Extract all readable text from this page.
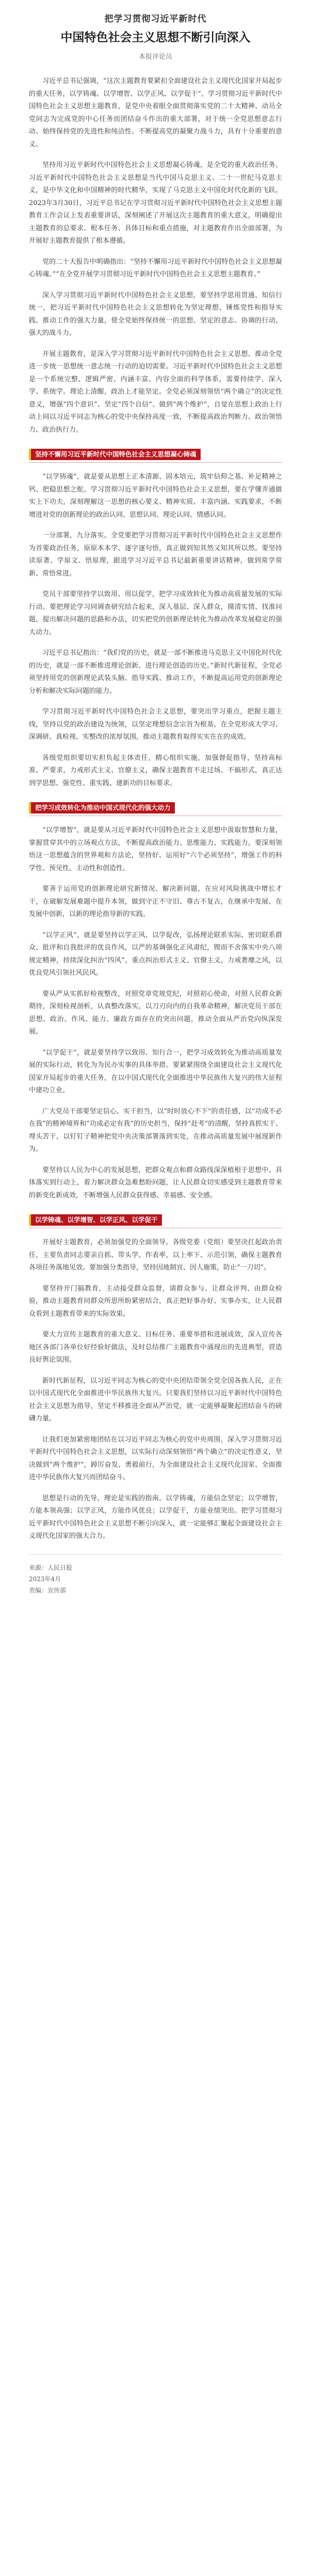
把学习贯彻习近平新时代

中国特色社会主义思想不断引向深入

本报评论员

习近平总书记强调，“这次主题教育要紧扣全面建设社会主义现代化国家开局起步的重大任务，以学铸魂、以学增智、以学正风、以学促干”。学习贯彻习近平新时代中国特色社会主义思想主题教育，是党中央着眼全面贯彻落实党的二十大精神、动员全党同志为完成党的中心任务而团结奋斗作出的重大部署，对于统一全党思想意志行动、始终保持党的先进性和纯洁性、不断提高党的凝聚力战斗力，具有十分重要的意义。

坚持用习近平新时代中国特色社会主义思想凝心铸魂，是全党的重大政治任务。习近平新时代中国特色社会主义思想是当代中国马克思主义、二十一世纪马克思主义，是中华文化和中国精神的时代精华，实现了马克思主义中国化时代化新的飞跃。2023年3月30日，习近平总书记在学习贯彻习近平新时代中国特色社会主义思想主题教育工作会议上发表重要讲话，深刻阐述了开展这次主题教育的重大意义，明确提出主题教育的总要求、根本任务、具体目标和重点措施，对主题教育作出全面部署，为开展好主题教育提供了根本遵循。

党的二十大报告中明确指出：“坚持不懈用习近平新时代中国特色社会主义思想凝心铸魂。”“在全党开展学习贯彻习近平新时代中国特色社会主义思想主题教育。”

深入学习贯彻习近平新时代中国特色社会主义思想，要坚持学思用贯通、知信行统一，把习近平新时代中国特色社会主义思想转化为坚定理想、锤炼党性和指导实践、推动工作的强大力量，使全党始终保持统一的思想、坚定的意志、协调的行动、强大的战斗力。

开展主题教育，是深入学习贯彻习近平新时代中国特色社会主义思想、推动全党进一步统一思想统一意志统一行动的迫切需要。习近平新时代中国特色社会主义思想是一个系统完整、逻辑严密、内涵丰富、内容全面的科学体系，需要持续学、深入学、系统学。理论上清醒，政治上才能坚定。全党必须深刻领悟“两个确立”的决定性意义，增强“四个意识”、坚定“四个自信”、做到“两个维护”，自觉在思想上政治上行动上同以习近平同志为核心的党中央保持高度一致，不断提高政治判断力、政治领悟力、政治执行力。

坚持不懈用习近平新时代中国特色社会主义思想凝心铸魂

“以学铸魂”，就是要从思想上正本清源、固本培元，筑牢信仰之基、补足精神之钙、把稳思想之舵。学习贯彻习近平新时代中国特色社会主义思想，要在学懂弄通做实上下功夫，深刻理解这一思想的核心要义、精神实质、丰富内涵、实践要求，不断增进对党的创新理论的政治认同、思想认同、理论认同、情感认同。

一分部署，九分落实。全党要把学习贯彻习近平新时代中国特色社会主义思想作为首要政治任务，原原本本学、逐字逐句悟，真正做到知其然又知其所以然。要坚持读原著、学原文、悟原理，跟进学习习近平总书记最新重要讲话精神，做到常学常新、常悟常进。

党员干部要坚持学以致用、用以促学，把学习成效转化为推动高质量发展的实际行动。要把理论学习同调查研究结合起来，深入基层、深入群众，摸清实情、找准问题，提出解决问题的思路和办法，切实把党的创新理论转化为推动改革发展稳定的强大动力。

习近平总书记指出：“我们党的历史，就是一部不断推进马克思主义中国化时代化的历史，就是一部不断推进理论创新、进行理论创造的历史。”新时代新征程，全党必须坚持用党的创新理论武装头脑、指导实践、推动工作，不断提高运用党的创新理论分析和解决实际问题的能力。

学习贯彻习近平新时代中国特色社会主义思想，要突出学习重点，把握主题主线，坚持以党的政治建设为统领，以坚定理想信念宗旨为根基，在全党形成大学习、深调研、真检视、实整改的浓厚氛围，推动主题教育取得实实在在的成效。

各级党组织要切实担负起主体责任，精心组织实施，加强督促指导，坚持高标准、严要求，力戒形式主义、官僚主义，确保主题教育不走过场、不搞形式，真正达到学思想、强党性、重实践、建新功的目标要求。

把学习成效转化为推动中国式现代化的强大动力

“以学增智”，就是要从习近平新时代中国特色社会主义思想中汲取智慧和力量，掌握贯穿其中的立场观点方法，不断提高政治能力、思维能力、实践能力。要深刻领悟这一思想蕴含的世界观和方法论，坚持好、运用好“六个必须坚持”，增强工作的科学性、预见性、主动性和创造性。

要善于运用党的创新理论研究新情况、解决新问题，在应对风险挑战中增长才干，在破解发展难题中提升本领，做到守正不守旧、尊古不复古，在继承中发展、在发展中创新，以新的理论指导新的实践。

“以学正风”，就是要坚持以学正风、以学促改，弘扬理论联系实际、密切联系群众、批评和自我批评的优良作风，以严的基调强化正风肃纪，锲而不舍落实中央八项规定精神，持续深化纠治“四风”，重点纠治形式主义、官僚主义，力戒奢靡之风，以优良党风引领社风民风。

要从严从实抓好检视整改，对照党章党规党纪，对照初心使命，对照人民群众新期待，深刻检视剖析，认真整改落实，以刀刃向内的自我革命精神，解决党员干部在思想、政治、作风、能力、廉政方面存在的突出问题，推动全面从严治党向纵深发展。

“以学促干”，就是要坚持学以致用、知行合一，把学习成效转化为推动高质量发展的实际行动，转化为为民办实事的具体举措。要紧紧围绕全面建设社会主义现代化国家开局起步的重大任务，在以中国式现代化全面推进中华民族伟大复兴的伟大征程中建功立业。

广大党员干部要坚定信心、实干担当，以“时时放心不下”的责任感，以“功成不必在我”的精神境界和“功成必定有我”的历史担当，保持“赶考”的清醒，坚持真抓实干、埋头苦干，以钉钉子精神把党中央决策部署落到实处，在推动高质量发展中展现新作为。

要坚持以人民为中心的发展思想，把群众观点和群众路线深深植根于思想中、具体落实到行动上，着力解决群众急难愁盼问题，让人民群众切实感受到主题教育带来的新变化新成效，不断增强人民群众获得感、幸福感、安全感。

以学铸魂、以学增智、以学正风、以学促干

开展好主题教育，必须加强党的全面领导。各级党委（党组）要坚决扛起政治责任，主要负责同志要亲自抓、带头学、作表率，以上率下、示范引领，确保主题教育各项任务落地见效。要加强分类指导，坚持因地制宜、因人施策，防止“一刀切”。

要坚持开门搞教育，主动接受群众监督，请群众参与、让群众评判、由群众检验，推动主题教育同群众所思所盼紧密结合，真正把好事办好、实事办实，让人民群众看到主题教育带来的实际效果。

要大力宣传主题教育的重大意义、目标任务、重要举措和进展成效，深入宣传各地区各部门各单位好经验好做法，及时总结推广主题教育中涌现出的先进典型，营造良好舆论氛围。

新时代新征程，以习近平同志为核心的党中央团结带领全党全国各族人民，正在以中国式现代化全面推进中华民族伟大复兴。只要我们坚持以习近平新时代中国特色社会主义思想为指导，坚定不移推进全面从严治党，就一定能够凝聚起团结奋斗的磅礴力量。

让我们更加紧密地团结在以习近平同志为核心的党中央周围，深入学习贯彻习近平新时代中国特色社会主义思想，以实际行动深刻领悟“两个确立”的决定性意义，坚决做到“两个维护”，踔厉奋发、勇毅前行，为全面建设社会主义现代化国家、全面推进中华民族伟大复兴而团结奋斗。

思想是行动的先导，理论是实践的指南。以学铸魂，方能信念坚定；以学增智，方能本领高强；以学正风，方能作风优良；以学促干，方能业绩突出。把学习贯彻习近平新时代中国特色社会主义思想不断引向深入，就一定能够汇聚起全面建设社会主义现代化国家的强大合力。

来源：人民日报

2023年4月

责编：宣传部
